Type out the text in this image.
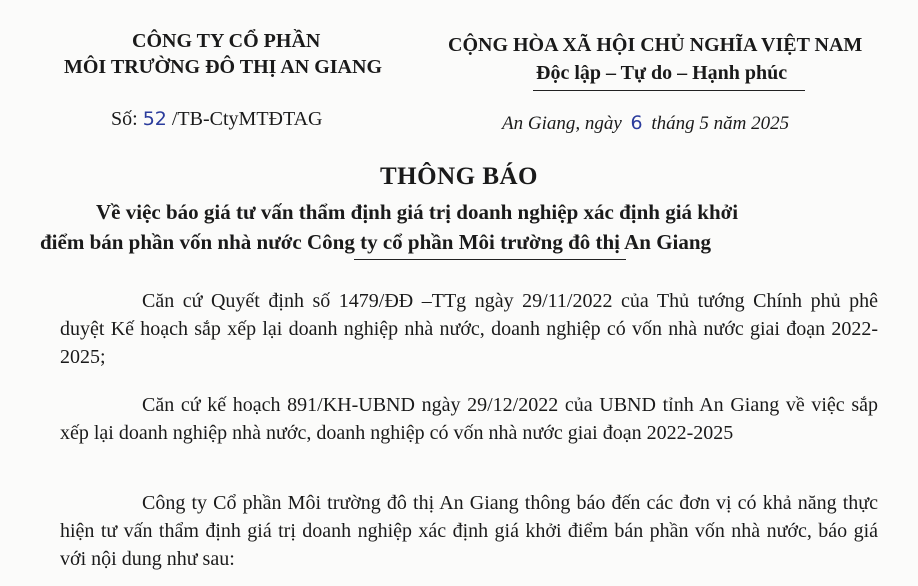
CÔNG TY CỔ PHẦN
MÔI TRƯỜNG ĐÔ THỊ AN GIANG
CỘNG HÒA XÃ HỘI CHỦ NGHĨA VIỆT NAM
Độc lập – Tự do – Hạnh phúc
Số: 52 /TB-CtyMTĐTAG	An Giang, ngày 6 tháng 5 năm 2025
THÔNG BÁO
Về việc báo giá tư vấn thẩm định giá trị doanh nghiệp xác định giá khởi
điểm bán phần vốn nhà nước Công ty cổ phần Môi trường đô thị An Giang
Căn cứ Quyết định số 1479/ĐĐ –TTg ngày 29/11/2022 của Thủ tướng Chính phủ phê duyệt Kế hoạch sắp xếp lại doanh nghiệp nhà nước, doanh nghiệp có vốn nhà nước giai đoạn 2022-2025;
Căn cứ kế hoạch 891/KH-UBND ngày 29/12/2022 của UBND tỉnh An Giang về việc sắp xếp lại doanh nghiệp nhà nước, doanh nghiệp có vốn nhà nước giai đoạn 2022-2025
Công ty Cổ phần Môi trường đô thị An Giang thông báo đến các đơn vị có khả năng thực hiện tư vấn thẩm định giá trị doanh nghiệp xác định giá khởi điểm bán phần vốn nhà nước, báo giá với nội dung như sau:
